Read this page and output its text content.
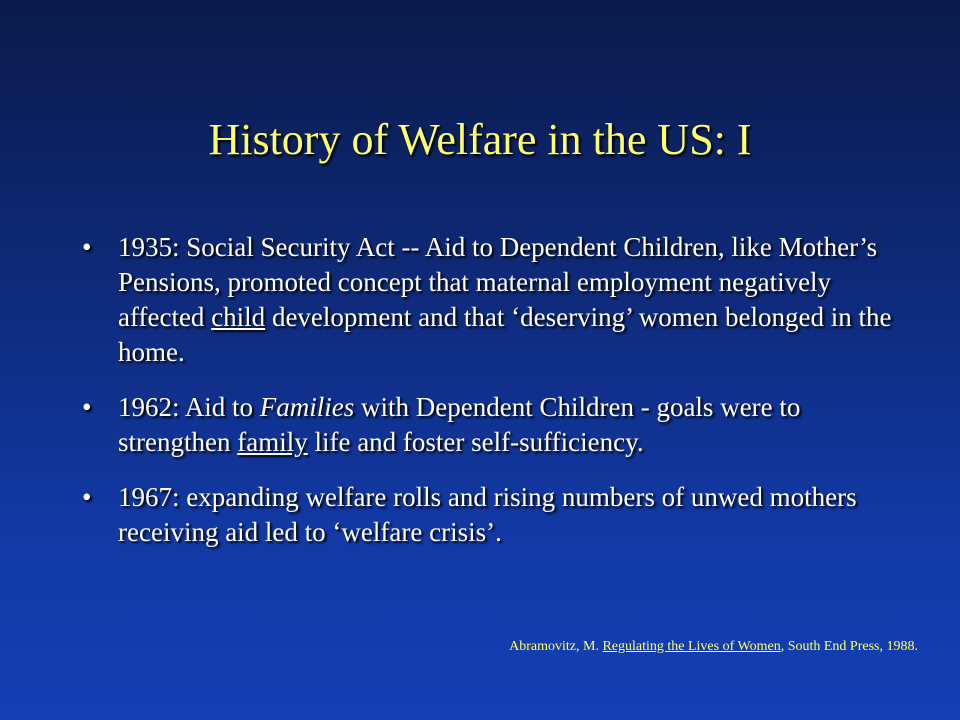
History of Welfare in the US: I
• 1935: Social Security Act -- Aid to Dependent Children, like Mother’s Pensions, promoted concept that maternal employment negatively affected child development and that ‘deserving’ women belonged in the home.
• 1962: Aid to Families with Dependent Children - goals were to strengthen family life and foster self-sufficiency.
• 1967: expanding welfare rolls and rising numbers of unwed mothers receiving aid led to ‘welfare crisis’.
Abramovitz, M. Regulating the Lives of Women, South End Press, 1988.
